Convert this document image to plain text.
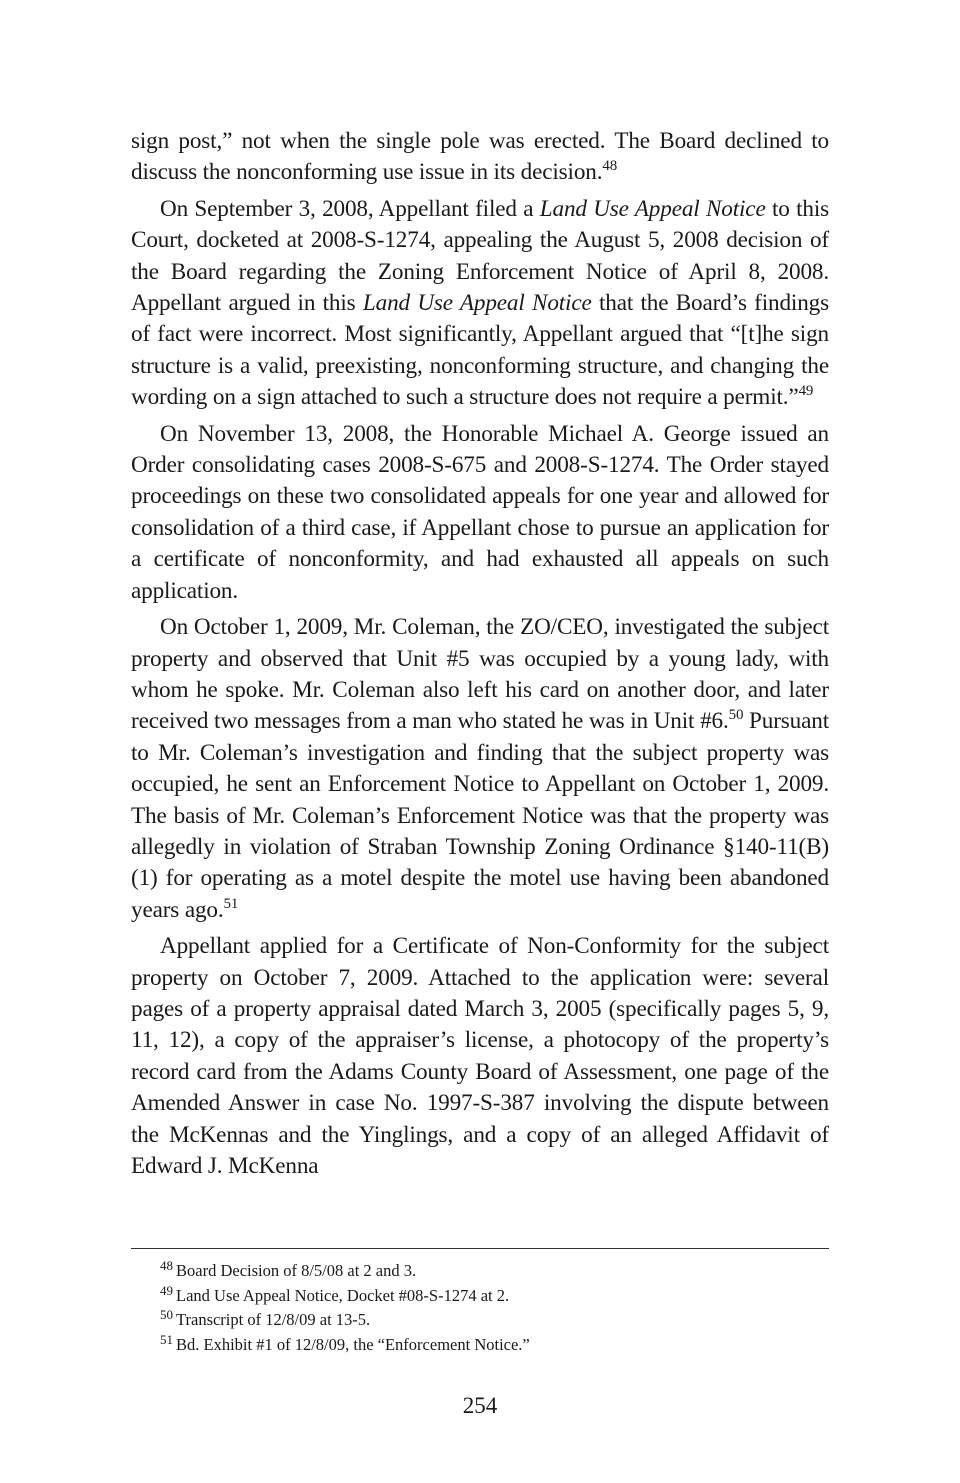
sign post,” not when the single pole was erected. The Board declined to discuss the nonconforming use issue in its decision.$^{48}$

On September 3, 2008, Appellant filed a Land Use Appeal Notice to this Court, docketed at 2008-S-1274, appealing the August 5, 2008 decision of the Board regarding the Zoning Enforcement Notice of April 8, 2008. Appellant argued in this Land Use Appeal Notice that the Board’s findings of fact were incorrect. Most significantly, Appellant argued that “[t]he sign structure is a valid, preexisting, nonconforming structure, and changing the wording on a sign attached to such a structure does not require a permit.”$^{49}$

On November 13, 2008, the Honorable Michael A. George issued an Order consolidating cases 2008-S-675 and 2008-S-1274. The Order stayed proceedings on these two consolidated appeals for one year and allowed for consolidation of a third case, if Appellant chose to pursue an application for a certificate of nonconformity, and had exhausted all appeals on such application.

On October 1, 2009, Mr. Coleman, the ZO/CEO, investigated the subject property and observed that Unit #5 was occupied by a young lady, with whom he spoke. Mr. Coleman also left his card on another door, and later received two messages from a man who stated he was in Unit #6.50 Pursuant to Mr. Coleman’s investigation and finding that the subject property was occupied, he sent an Enforcement Notice to Appellant on October 1, 2009. The basis of Mr. Coleman’s Enforcement Notice was that the property was allegedly in violation of Straban Township Zoning Ordinance §140-11(B)(1) for operating as a motel despite the motel use having been abandoned years ago.$^{51}$

Appellant applied for a Certificate of Non-Conformity for the subject property on October 7, 2009. Attached to the application were: several pages of a property appraisal dated March 3, 2005 (specifically pages 5, 9, 11, 12), a copy of the appraiser’s license, a photocopy of the property’s record card from the Adams County Board of Assessment, one page of the Amended Answer in case No. 1997-S-387 involving the dispute between the McKennas and the Yinglings, and a copy of an alleged Affidavit of Edward J. McKenna

$^{48}$ Board Decision of 8/5/08 at 2 and 3.

$^{49}$ Land Use Appeal Notice, Docket #08-S-1274 at 2.

$^{50}$ Transcript of 12/8/09 at 13-5.

$^{51}$ Bd. Exhibit #1 of 12/8/09, the “Enforcement Notice.”

254
